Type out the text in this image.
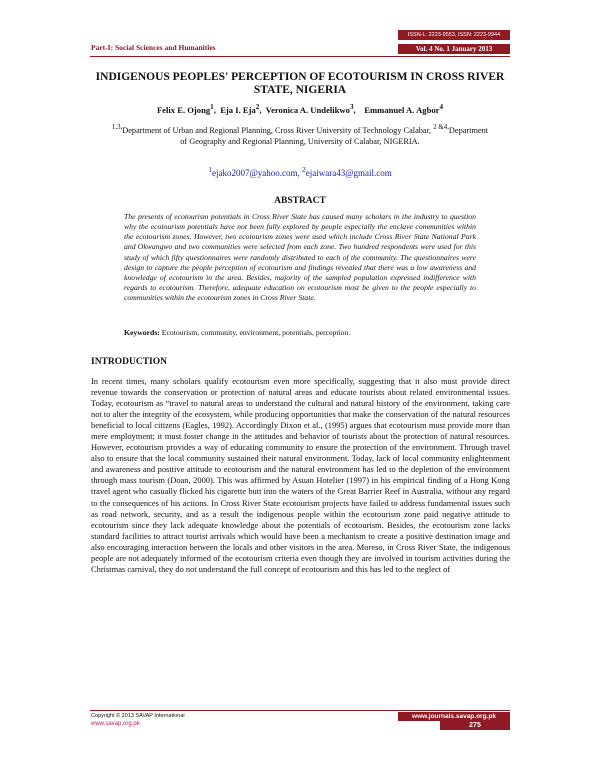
ISSN-L: 2223-9553, ISSN: 2223-9944
Part-I: Social Sciences and Humanities	Vol. 4 No. 1 January 2013
INDIGENOUS PEOPLES' PERCEPTION OF ECOTOURISM IN CROSS RIVER STATE, NIGERIA
Felix E. Ojong$^1$,  Eja I. Eja$^2$,  Veronica A. Undelikwo$^3$,    Emmanuel A. Agbor$^4$
$^{1,3,}$Department of Urban and Regional Planning, Cross River University of Technology Calabar, $^{2 \&4,}$Department of Geography and Regional Planning, University of Calabar, NIGERIA.
$^1$ejako2007@yahoo.com, $^2$ejaiwara43@gmail.com
ABSTRACT
The presents of ecotourism potentials in Cross River State has caused many scholars in the industry to question why the ecotourism potentials have not been fully explored by people especially the enclave communities within the ecotourism zones. However, two ecotourism zones were used which include Cross River State National Park and Okwangwo and two communities were selected from each zone. Two hundred respondents were used for this study of which fifty questionnaires were randomly distributed to each of the community. The questionnaires were design to capture the people perception of ecotourism and findings revealed that there was a low awareness and knowledge of ecotourism in the area. Besides, majority of the sampled population expressed indifference with regards to ecotourism. Therefore, adequate education on ecotourism most be given to the people especially to communities within the ecotourism zones in Cross River State.
Keywords: Ecotourism, community, environment, potentials, perception.
INTRODUCTION
In recent times, many scholars qualify ecotourism even more specifically, suggesting that it also must provide direct revenue towards the conservation or protection of natural areas and educate tourists about related environmental issues. Today, ecotourism as “travel to natural areas to understand the cultural and natural history of the environment, taking care not to alter the integrity of the ecosystem, while producing opportunities that make the conservation of the natural resources beneficial to local citizens (Eagles, 1992). Accordingly Dixon et al., (1995) argues that ecotourism must provide more than mere employment; it must foster change in the attitudes and behavior of tourists about the protection of natural resources. However, ecotourism provides a way of educating community to ensure the protection of the environment. Through travel also to ensure that the local community sustained their natural environment. Today, lack of local community enlightenment and awareness and positive attitude to ecotourism and the natural environment has led to the depletion of the environment through mass tourism (Doan, 2000). This was affirmed by Asuan Hotelier (1997) in his empirical finding of a Hong Kong travel agent who casually flicked his cigarette butt into the waters of the Great Barrier Reef in Australia, without any regard to the consequences of his actions. In Cross River State ecotourism projects have failed to address fundamental issues such as road network, security, and as a result the indigenous people within the ecotourism zone paid negative attitude to ecotourism since they lack adequate knowledge about the potentials of ecotourism. Besides, the ecotourism zone lacks standard facilities to attract tourist arrivals which would have been a mechanism to create a positive destination image and also encouraging interaction between the locals and other visitors in the area. Moreso, in Cross River State, the indigenous people are not adequately informed of the ecotourism criteria even though they are involved in tourism activities during the Christmas carnival, they do not understand the full concept of ecotourism and this has led to the neglect of
Copyright © 2013 SAVAP International
www.savap.org.pk
www.journals.savap.org.pk
275
